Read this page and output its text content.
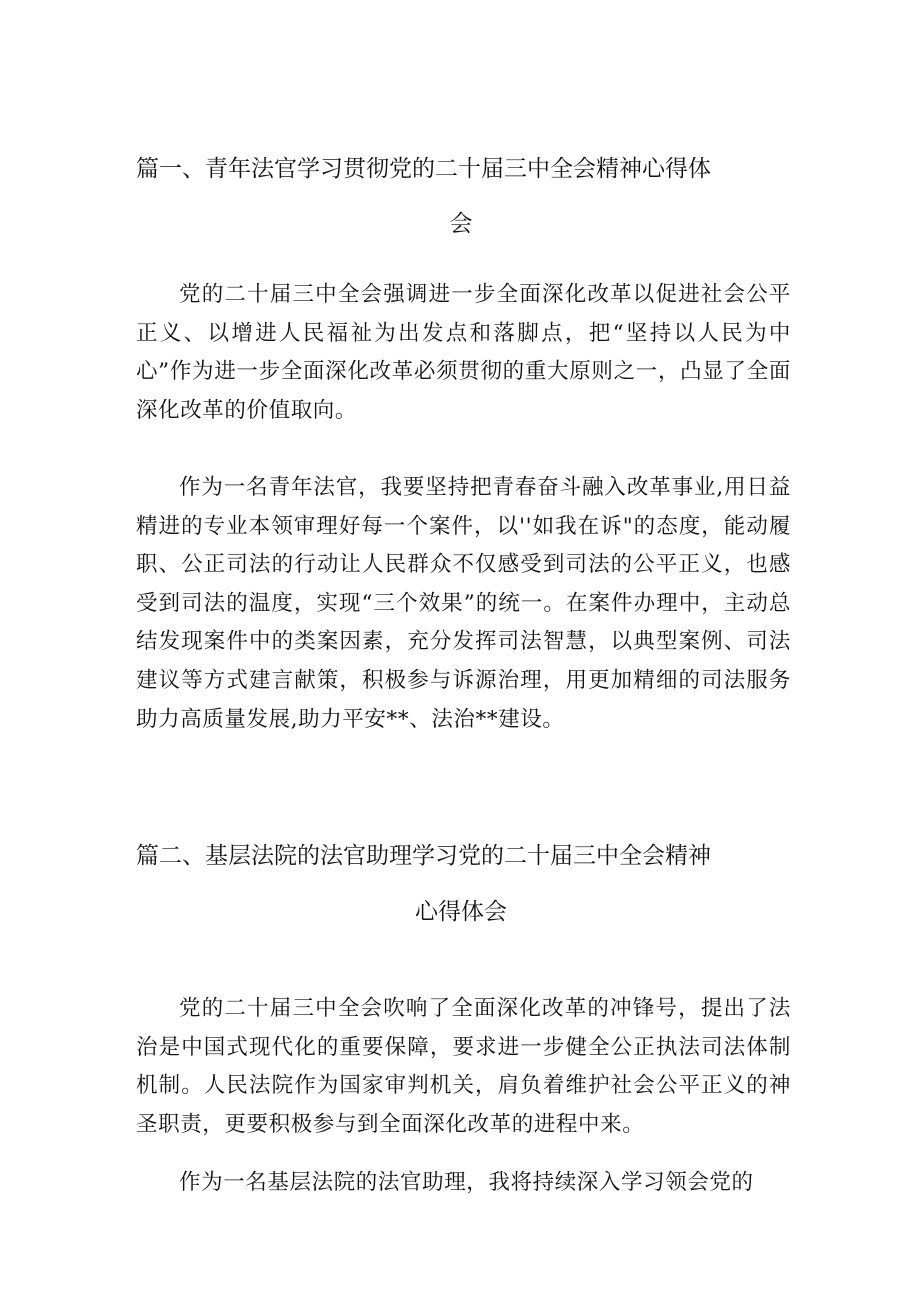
篇一、青年法官学习贯彻党的二十届三中全会精神心得体
会
党的二十届三中全会强调进一步全面深化改革以促进社会公平正义、以增进人民福祉为出发点和落脚点，把“坚持以人民为中心”作为进一步全面深化改革必须贯彻的重大原则之一，凸显了全面深化改革的价值取向。
作为一名青年法官，我要坚持把青春奋斗融入改革事业,用日益精进的专业本领审理好每一个案件，以''如我在诉"的态度，能动履职、公正司法的行动让人民群众不仅感受到司法的公平正义，也感受到司法的温度，实现“三个效果”的统一。在案件办理中，主动总结发现案件中的类案因素，充分发挥司法智慧，以典型案例、司法建议等方式建言献策，积极参与诉源治理，用更加精细的司法服务助力高质量发展,助力平安**、法治**建设。
篇二、基层法院的法官助理学习党的二十届三中全会精神
心得体会
党的二十届三中全会吹响了全面深化改革的冲锋号，提出了法治是中国式现代化的重要保障，要求进一步健全公正执法司法体制机制。人民法院作为国家审判机关，肩负着维护社会公平正义的神圣职责，更要积极参与到全面深化改革的进程中来。
作为一名基层法院的法官助理，我将持续深入学习领会党的
